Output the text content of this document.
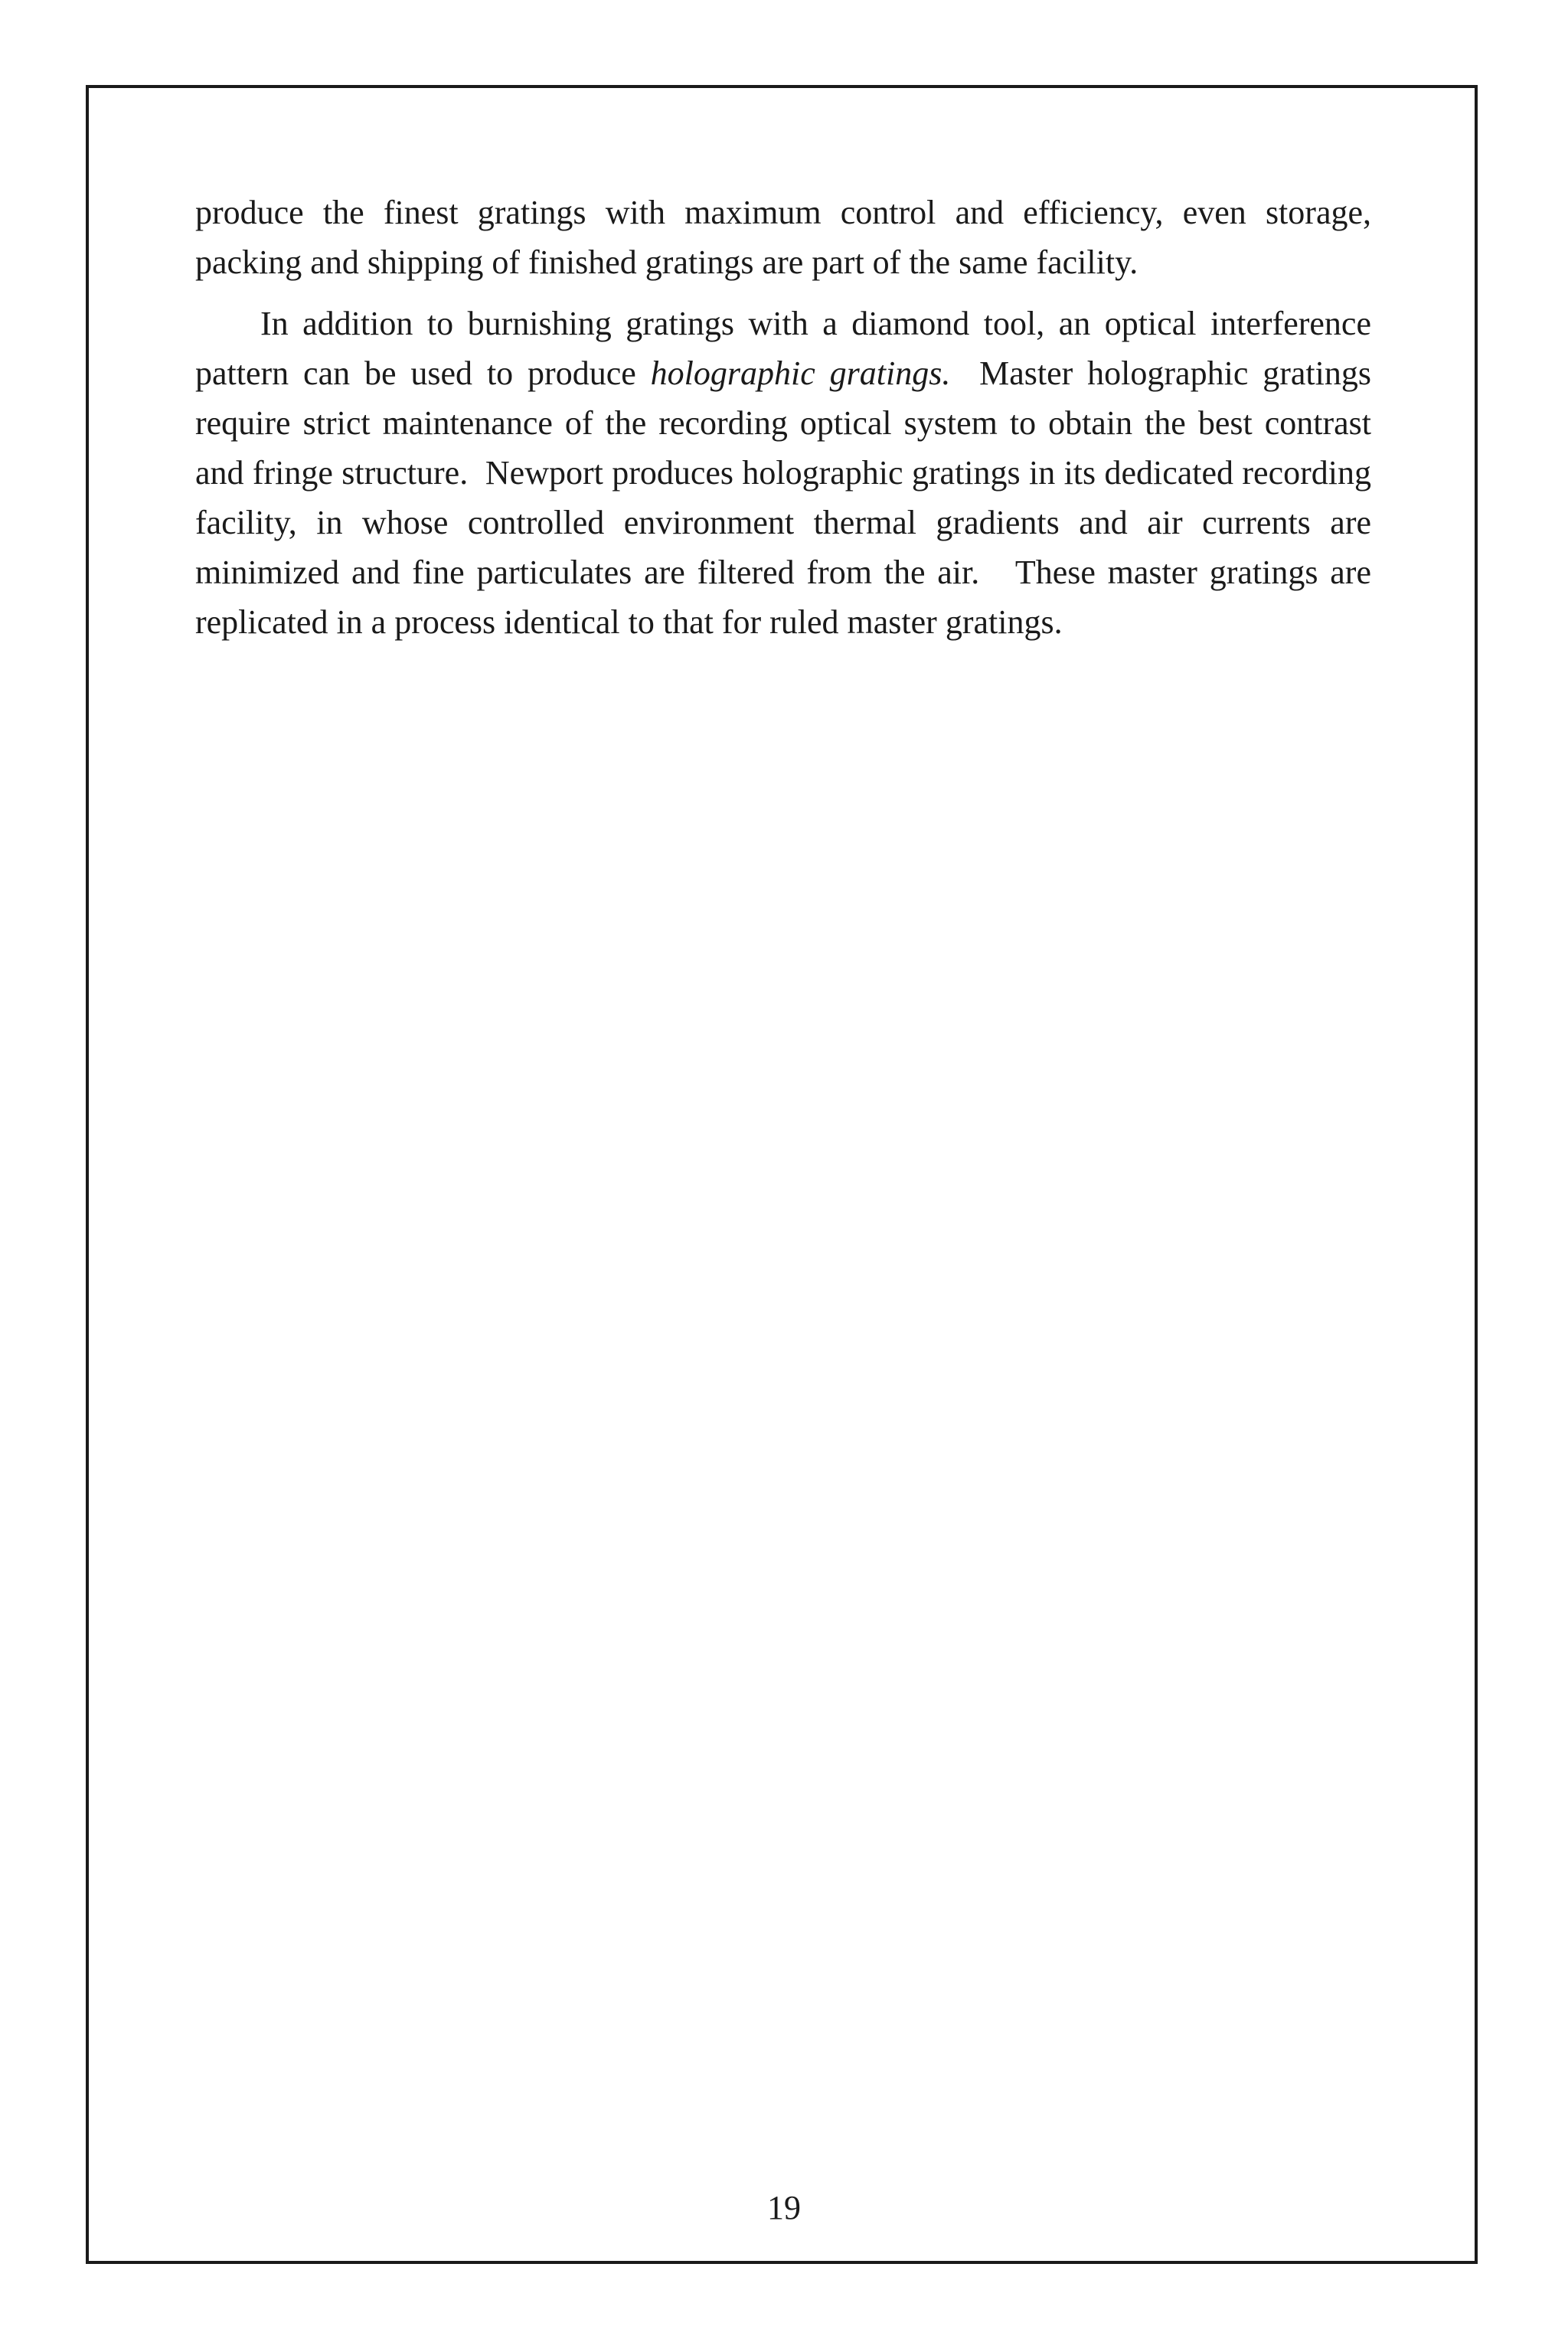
produce the finest gratings with maximum control and efficiency, even storage, packing and shipping of finished gratings are part of the same facility.

In addition to burnishing gratings with a diamond tool, an optical interference pattern can be used to produce holographic gratings.  Master holographic gratings require strict maintenance of the recording optical system to obtain the best contrast and fringe structure.  Newport produces holographic gratings in its dedicated recording facility, in whose controlled environment thermal gradients and air currents are minimized and fine particulates are filtered from the air.   These master gratings are replicated in a process identical to that for ruled master gratings.

19
